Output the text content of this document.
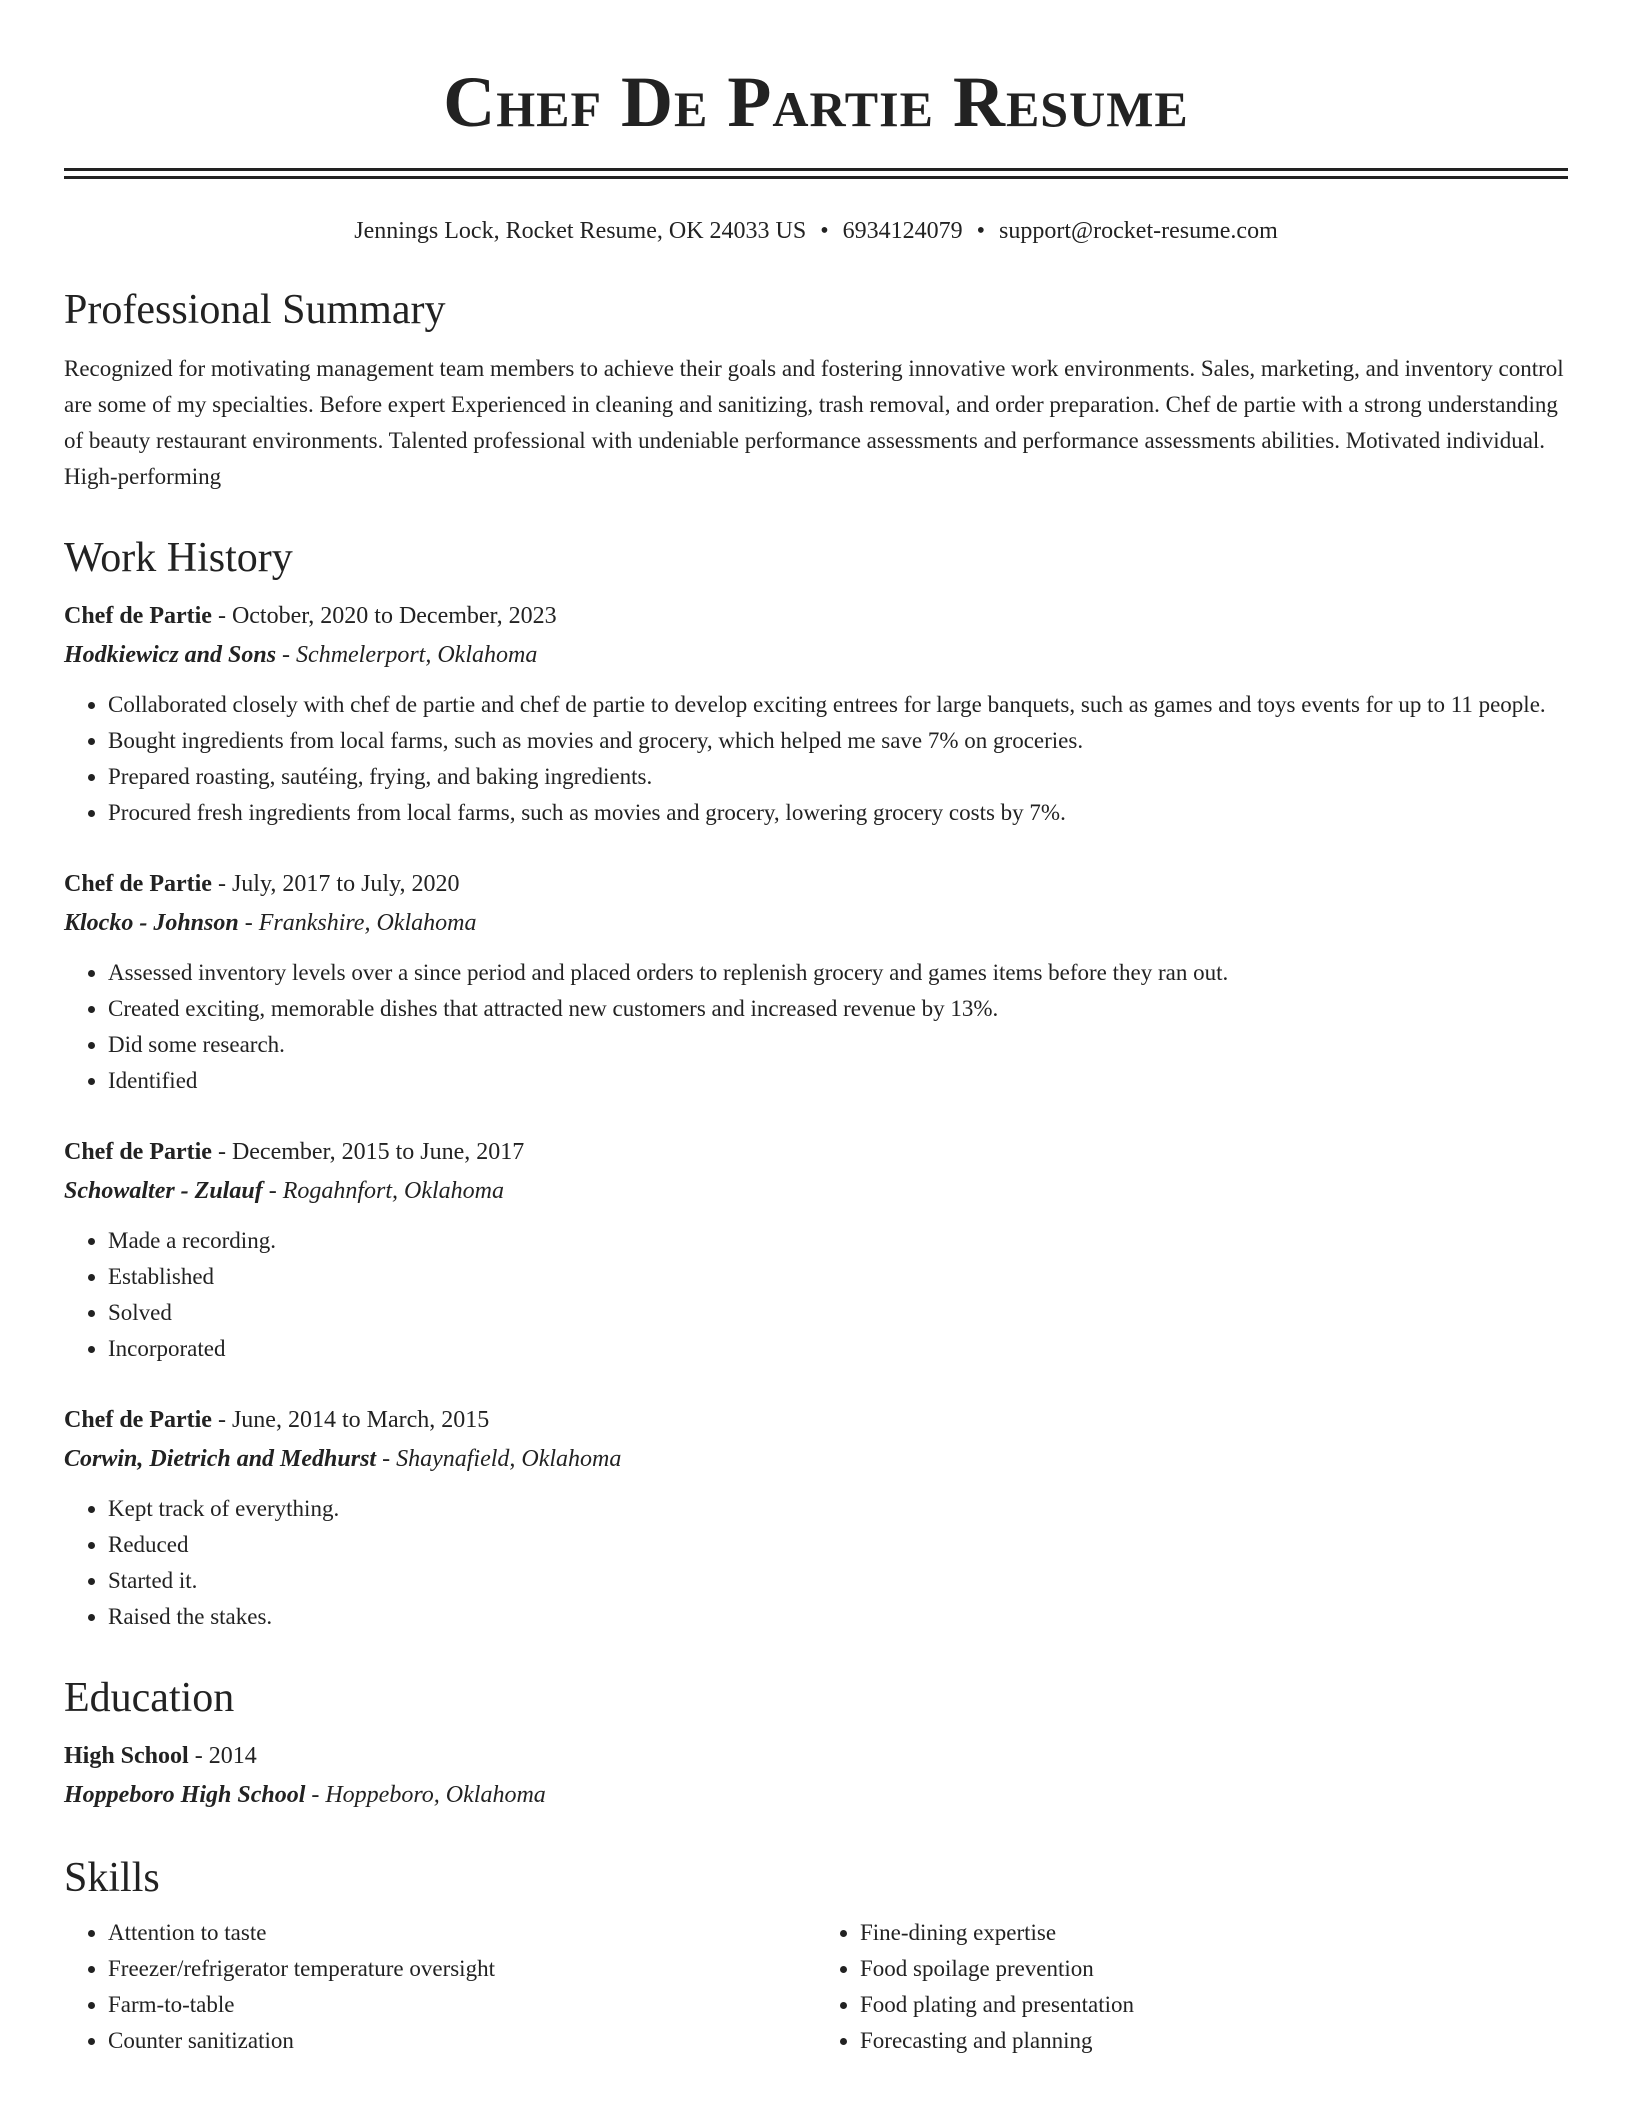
Chef De Partie Resume
Jennings Lock, Rocket Resume, OK 24033 US • 6934124079 • support@rocket-resume.com
Professional Summary
Recognized for motivating management team members to achieve their goals and fostering innovative work environments. Sales, marketing, and inventory control are some of my specialties. Before expert Experienced in cleaning and sanitizing, trash removal, and order preparation. Chef de partie with a strong understanding of beauty restaurant environments. Talented professional with undeniable performance assessments and performance assessments abilities. Motivated individual. High-performing
Work History
Chef de Partie - October, 2020 to December, 2023
Hodkiewicz and Sons - Schmelerport, Oklahoma
• Collaborated closely with chef de partie and chef de partie to develop exciting entrees for large banquets, such as games and toys events for up to 11 people.
• Bought ingredients from local farms, such as movies and grocery, which helped me save 7% on groceries.
• Prepared roasting, sautéing, frying, and baking ingredients.
• Procured fresh ingredients from local farms, such as movies and grocery, lowering grocery costs by 7%.
Chef de Partie - July, 2017 to July, 2020
Klocko - Johnson - Frankshire, Oklahoma
• Assessed inventory levels over a since period and placed orders to replenish grocery and games items before they ran out.
• Created exciting, memorable dishes that attracted new customers and increased revenue by 13%.
• Did some research.
• Identified
Chef de Partie - December, 2015 to June, 2017
Schowalter - Zulauf - Rogahnfort, Oklahoma
• Made a recording.
• Established
• Solved
• Incorporated
Chef de Partie - June, 2014 to March, 2015
Corwin, Dietrich and Medhurst - Shaynafield, Oklahoma
• Kept track of everything.
• Reduced
• Started it.
• Raised the stakes.
Education
High School - 2014
Hoppeboro High School - Hoppeboro, Oklahoma
Skills
• Attention to taste
• Freezer/refrigerator temperature oversight
• Farm-to-table
• Counter sanitization
• Fine-dining expertise
• Food spoilage prevention
• Food plating and presentation
• Forecasting and planning
